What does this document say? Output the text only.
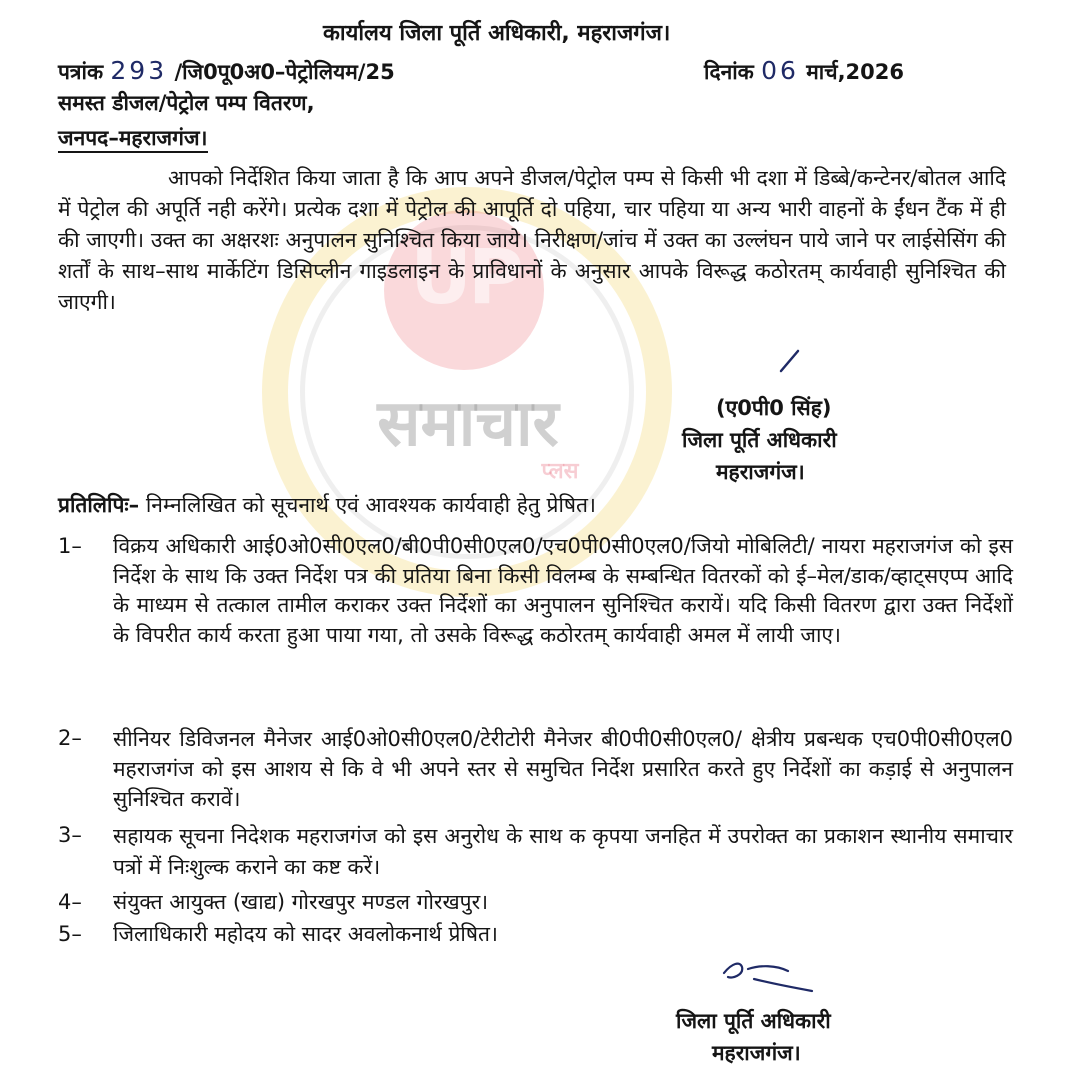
UP
समाचार
प्लस
कार्यालय जिला पूर्ति अधिकारी, महराजगंज।
पत्रांक 293 /जि0पू0अ0–पेट्रोलियम/25	दिनांक 06 मार्च,2026
समस्त डीजल/पेट्रोल पम्प वितरण,
जनपद–महराजगंज।
आपको निर्देशित किया जाता है कि आप अपने डीजल/पेट्रोल पम्प से किसी भी दशा में डिब्बे/कन्टेनर/बोतल आदि में पेट्रोल की अपूर्ति नही करेंगे। प्रत्येक दशा में पेट्रोल की आपूर्ति दो पहिया, चार पहिया या अन्य भारी वाहनों के ईंधन टैंक में ही की जाएगी। उक्त का अक्षरशः अनुपालन सुनिश्चित किया जाये। निरीक्षण/जांच में उक्त का उल्लंघन पाये जाने पर लाईसेसिंग की शर्तों के साथ–साथ मार्केटिंग डिसिप्लीन गाइडलाइन के प्राविधानों के अनुसार आपके विरूद्ध कठोरतम् कार्यवाही सुनिश्चित की जाएगी।
(ए0पी0 सिंह)
जिला पूर्ति अधिकारी
महराजगंज।
प्रतिलिपिः– निम्नलिखित को सूचनार्थ एवं आवश्यक कार्यवाही हेतु प्रेषित।
1– विक्रय अधिकारी आई0ओ0सी0एल0/बी0पी0सी0एल0/एच0पी0सी0एल0/जियो मोबिलिटी/ नायरा महराजगंज को इस निर्देश के साथ कि उक्त निर्देश पत्र की प्रतिया बिना किसी विलम्ब के सम्बन्धित वितरकों को ई–मेल/डाक/व्हाट्सएप्प आदि के माध्यम से तत्काल तामील कराकर उक्त निर्देशों का अनुपालन सुनिश्चित करायें। यदि किसी वितरण द्वारा उक्त निर्देशों के विपरीत कार्य करता हुआ पाया गया, तो उसके विरूद्ध कठोरतम् कार्यवाही अमल में लायी जाए।
2– सीनियर डिविजनल मैनेजर आई0ओ0सी0एल0/टेरीटोरी मैनेजर बी0पी0सी0एल0/ क्षेत्रीय प्रबन्धक एच0पी0सी0एल0 महराजगंज को इस आशय से कि वे भी अपने स्तर से समुचित निर्देश प्रसारित करते हुए निर्देशों का कड़ाई से अनुपालन सुनिश्चित करावें।
3– सहायक सूचना निदेशक महराजगंज को इस अनुरोध के साथ क कृपया जनहित में उपरोक्त का प्रकाशन स्थानीय समाचार पत्रों में निःशुल्क कराने का कष्ट करें।
4– संयुक्त आयुक्त (खाद्य) गोरखपुर मण्डल गोरखपुर।
5– जिलाधिकारी महोदय को सादर अवलोकनार्थ प्रेषित।
जिला पूर्ति अधिकारी
महराजगंज।
